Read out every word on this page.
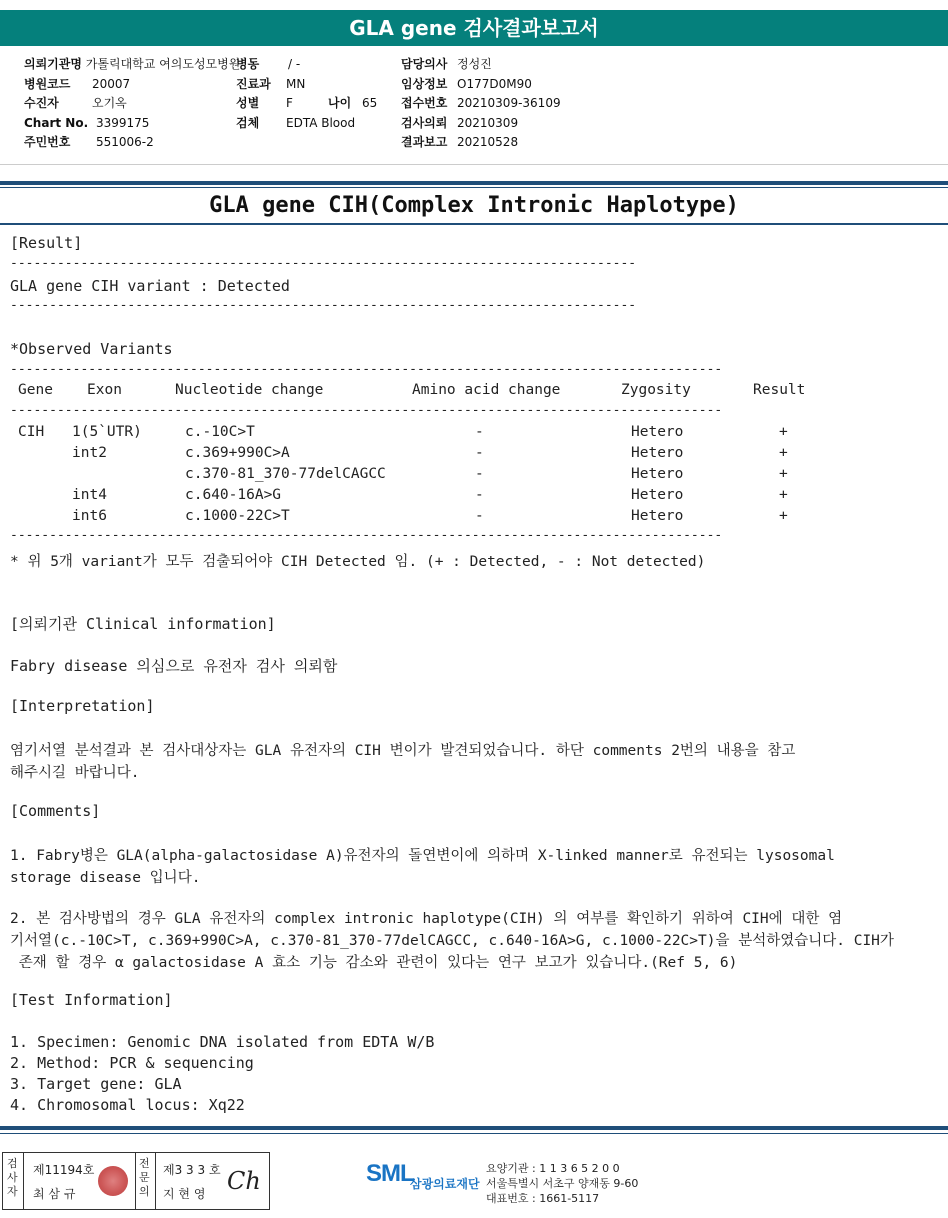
GLA gene 검사결과보고서
의뢰기관명 가톨릭대학교 여의도성모병원
병원코드 20007
수진자	오기옥
Chart No. 3399175
주민번호 551006-2
병동 / -
진료과 MN
성별 F	나이 65
검체 EDTA Blood
담당의사 정성진
임상정보 O177D0M90
접수번호 20210309-36109
검사의뢰 20210309
결과보고 20210528
GLA gene CIH(Complex Intronic Haplotype)
[Result]
--------------------------------------------------------------------------------
GLA gene CIH variant : Detected
--------------------------------------------------------------------------------
*Observed Variants
-------------------------------------------------------------------------------------------
Gene Exon	Nucleotide change	Amino acid change	Zygosity	Result
-------------------------------------------------------------------------------------------
CIH 1(5`UTR)	c.-10C>T	-	Hetero	+
int2	c.369+990C>A	-	Hetero	+
c.370-81_370-77delCAGCC	-	Hetero	+
int4	c.640-16A>G	-	Hetero	+
int6	c.1000-22C>T	-	Hetero	+
-------------------------------------------------------------------------------------------
* 위 5개 variant가 모두 검출되어야 CIH Detected 임. (+ : Detected, - : Not detected)
[의뢰기관 Clinical information]
Fabry disease 의심으로 유전자 검사 의뢰함
[Interpretation]
염기서열 분석결과 본 검사대상자는 GLA 유전자의 CIH 변이가 발견되었습니다. 하단 comments 2번의 내용을 참고
해주시길 바랍니다.
[Comments]
1. Fabry병은 GLA(alpha-galactosidase A)유전자의 돌연변이에 의하며 X-linked manner로 유전되는 lysosomal
storage disease 입니다.
2. 본 검사방법의 경우 GLA 유전자의 complex intronic haplotype(CIH) 의 여부를 확인하기 위하여 CIH에 대한 염
기서열(c.-10C>T, c.369+990C>A, c.370-81_370-77delCAGCC, c.640-16A>G, c.1000-22C>T)을 분석하였습니다. CIH가
존재 할 경우 α galactosidase A 효소 기능 감소와 관련이 있다는 연구 보고가 있습니다.(Ref 5, 6)
[Test Information]
1. Specimen: Genomic DNA isolated from EDTA W/B
2. Method: PCR & sequencing
3. Target gene: GLA
4. Chromosomal locus: Xq22
검사자
제11194호
최 삼 규
전문의
제3 3 3 호
지 현 영 Ch	SML
삼광의료재단
요양기관 : 1 1 3 6 5 2 0 0
서울특별시 서초구 양재동 9-60
대표번호 : 1661-5117
